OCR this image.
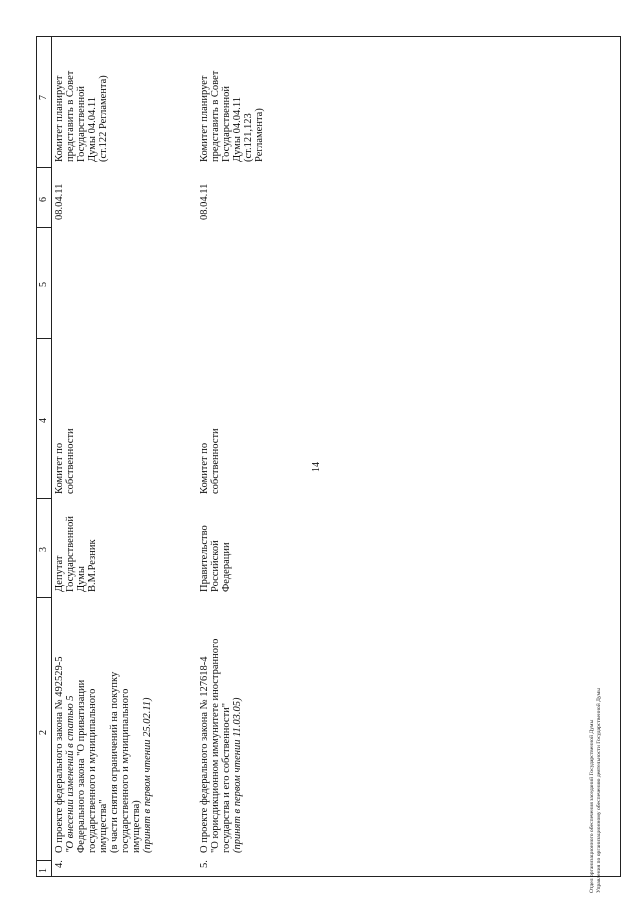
14
1
2
3
4
5
6
7
4.
О проекте федерального закона № 492529-5 "О внесении изменений в статью 5 Федерального закона "О приватизации государственного и муниципального имущества" (в части снятия ограничений на покупку государственного и муниципального имущества) (принят в первом чтении 25.02.11)
Депутат Государственной Думы В.М.Резник
Комитет по собственности
08.04.11
Комитет планирует представить в Совет Государственной Думы 04.04.11 (ст.122 Регламента)
5.
О проекте федерального закона № 127618-4 "О юрисдикционном иммунитете иностранного государства и его собственности" (принят в первом чтении 11.03.05)
Правительство Российской Федерации
Комитет по собственности
08.04.11
Комитет планирует представить в Совет Государственной Думы 04.04.11 (ст.121,123 Регламента)
Отдел организационного обеспечения заседаний Государственной Думы Управления по организационному обеспечению деятельности Государственной Думы
